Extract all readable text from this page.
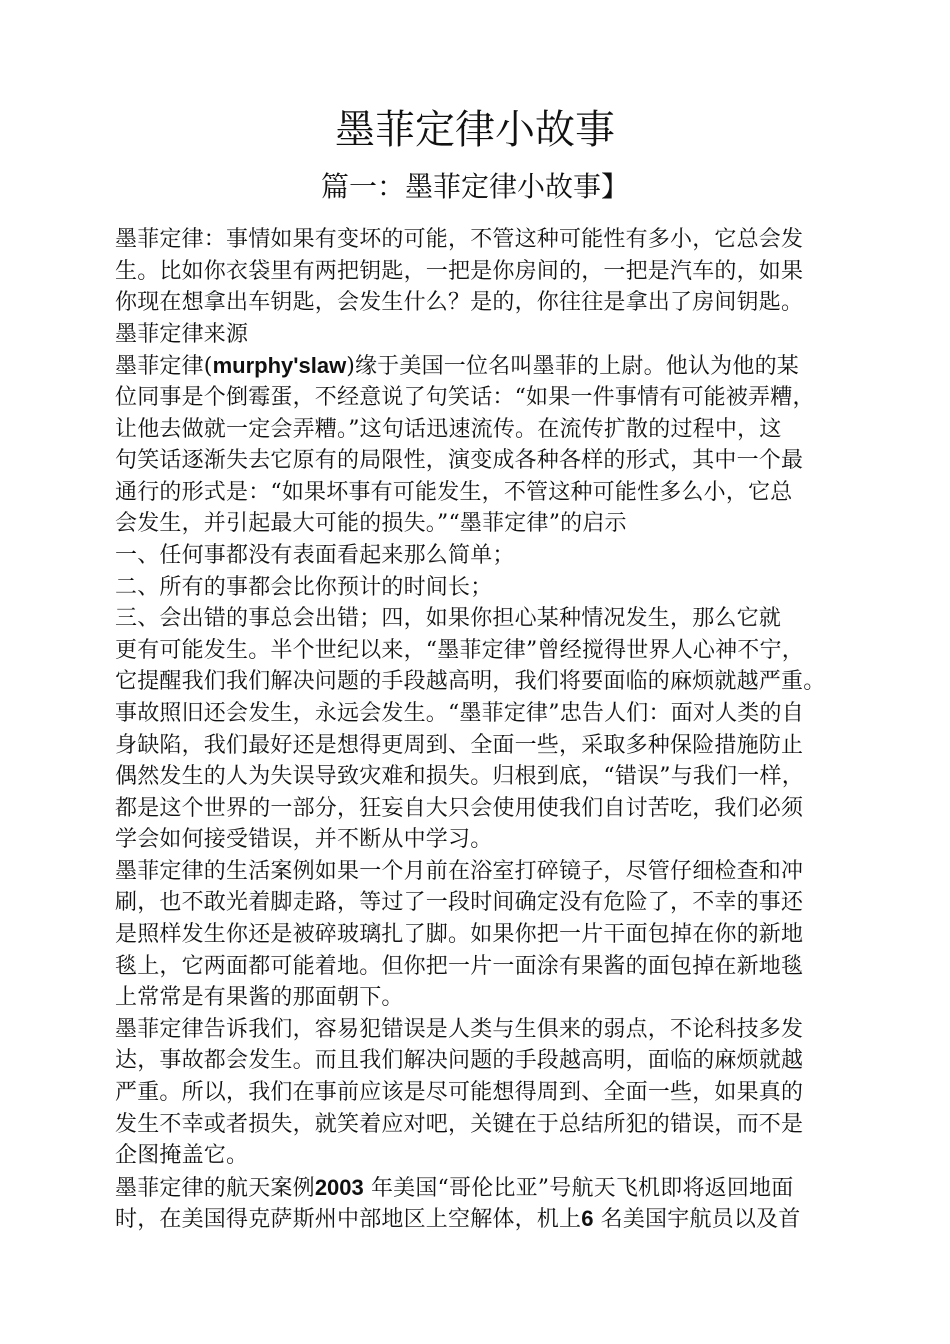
墨菲定律小故事
篇一：墨菲定律小故事】
墨菲定律：事情如果有变坏的可能，不管这种可能性有多小，它总会发
生。比如你衣袋里有两把钥匙，一把是你房间的，一把是汽车的，如果
你现在想拿出车钥匙，会发生什么？是的，你往往是拿出了房间钥匙。
墨菲定律来源
墨菲定律(murphy'slaw)缘于美国一位名叫墨菲的上尉。他认为他的某
位同事是个倒霉蛋，不经意说了句笑话：“如果一件事情有可能被弄糟，
让他去做就一定会弄糟。”这句话迅速流传。在流传扩散的过程中，这
句笑话逐渐失去它原有的局限性，演变成各种各样的形式，其中一个最
通行的形式是：“如果坏事有可能发生，不管这种可能性多么小，它总
会发生，并引起最大可能的损失。”“墨菲定律”的启示
一、任何事都没有表面看起来那么简单；
二、所有的事都会比你预计的时间长；
三、会出错的事总会出错；四，如果你担心某种情况发生，那么它就
更有可能发生。半个世纪以来，“墨菲定律”曾经搅得世界人心神不宁，
它提醒我们我们解决问题的手段越高明，我们将要面临的麻烦就越严重。
事故照旧还会发生，永远会发生。“墨菲定律”忠告人们：面对人类的自
身缺陷，我们最好还是想得更周到、全面一些，采取多种保险措施防止
偶然发生的人为失误导致灾难和损失。归根到底，“错误”与我们一样，
都是这个世界的一部分，狂妄自大只会使用使我们自讨苦吃，我们必须
学会如何接受错误，并不断从中学习。
墨菲定律的生活案例如果一个月前在浴室打碎镜子，尽管仔细检查和冲
刷，也不敢光着脚走路，等过了一段时间确定没有危险了，不幸的事还
是照样发生你还是被碎玻璃扎了脚。如果你把一片干面包掉在你的新地
毯上，它两面都可能着地。但你把一片一面涂有果酱的面包掉在新地毯
上常常是有果酱的那面朝下。
墨菲定律告诉我们，容易犯错误是人类与生俱来的弱点，不论科技多发
达，事故都会发生。而且我们解决问题的手段越高明，面临的麻烦就越
严重。所以，我们在事前应该是尽可能想得周到、全面一些，如果真的
发生不幸或者损失，就笑着应对吧，关键在于总结所犯的错误，而不是
企图掩盖它。
墨菲定律的航天案例2003 年美国“哥伦比亚”号航天飞机即将返回地面
时，在美国得克萨斯州中部地区上空解体，机上6 名美国宇航员以及首
